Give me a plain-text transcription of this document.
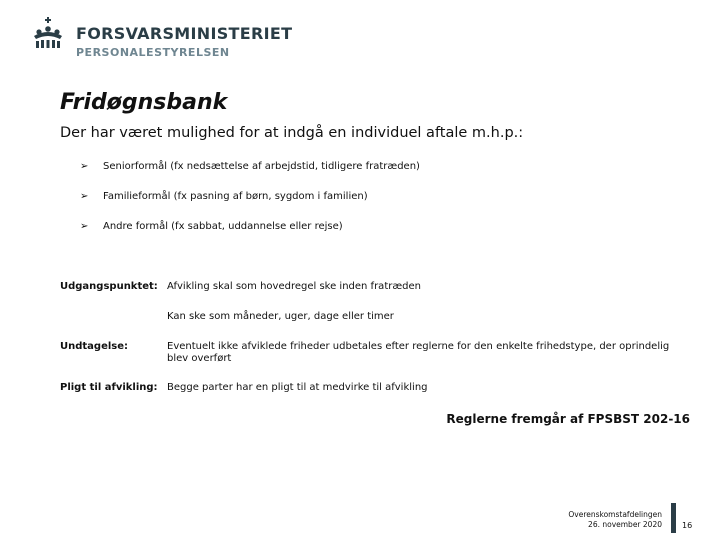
FORSVARSMINISTERIET
PERSONALESTYRELSEN
Fridøgnsbank
Der har været mulighed for at indgå en individuel aftale m.h.p.:
➢ Seniorformål (fx nedsættelse af arbejdstid, tidligere fratræden)
➢ Familieformål (fx pasning af børn, sygdom i familien)
➢ Andre formål (fx sabbat, uddannelse eller rejse)
Udgangspunktet: Afvikling skal som hovedregel ske inden fratræden
Kan ske som måneder, uger, dage eller timer
Undtagelse:	Eventuelt ikke afviklede friheder udbetales efter reglerne for den enkelte frihedstype, der oprindelig blev overført
Pligt til afvikling: Begge parter har en pligt til at medvirke til afvikling
Reglerne fremgår af FPSBST 202-16
Overenskomstafdelingen
26. november 2020	16
